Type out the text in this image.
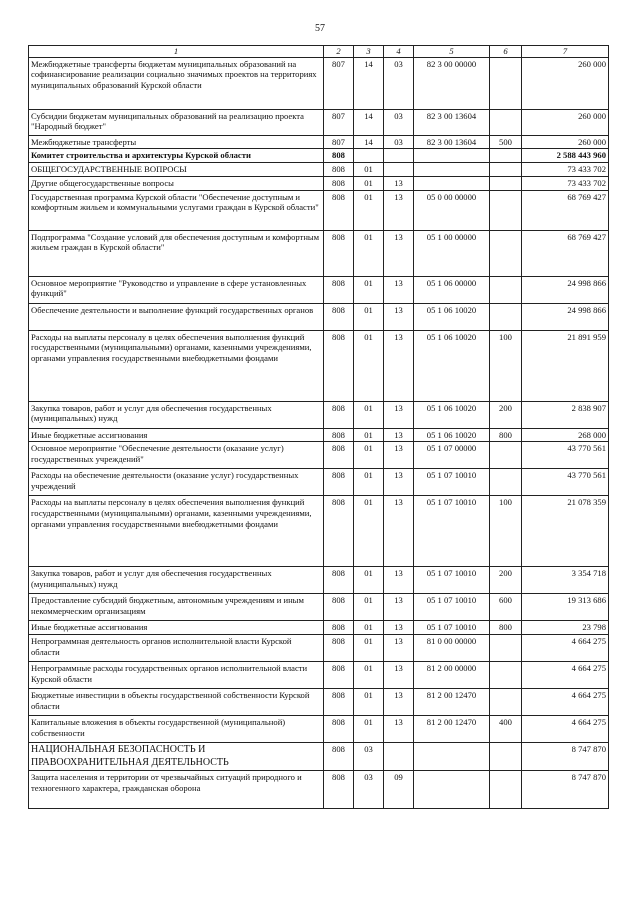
57
1	2	3	4	5	6	7
Межбюджетные трансферты бюджетам муниципальных образований на софинансирование реализации социально значимых проектов на территориях муниципальных образований Курской области	807	14	03	82 3 00 00000		260 000
Субсидии бюджетам муниципальных образований на реализацию проекта "Народный бюджет"	807	14	03	82 3 00 13604		260 000
Межбюджетные трансферты	807	14	03	82 3 00 13604	500	260 000
Комитет строительства и архитектуры Курской области	808					2 588 443 960
ОБЩЕГОСУДАРСТВЕННЫЕ ВОПРОСЫ	808	01				73 433 702
Другие общегосударственные вопросы	808	01	13			73 433 702
Государственная программа Курской области "Обеспечение доступным и комфортным жильем и коммунальными услугами граждан в Курской области"	808	01	13	05 0 00 00000		68 769 427
Подпрограмма "Создание условий для обеспечения доступным и комфортным жильем граждан в Курской области"	808	01	13	05 1 00 00000		68 769 427
Основное мероприятие "Руководство и управление в сфере установленных функций"	808	01	13	05 1 06 00000		24 998 866
Обеспечение деятельности и выполнение функций государственных органов	808	01	13	05 1 06 10020		24 998 866
Расходы на выплаты персоналу в целях обеспечения выполнения функций государственными (муниципальными) органами, казенными учреждениями, органами управления государственными внебюджетными фондами	808	01	13	05 1 06 10020	100	21 891 959
Закупка товаров, работ и услуг для обеспечения государственных (муниципальных) нужд	808	01	13	05 1 06 10020	200	2 838 907
Иные бюджетные ассигнования	808	01	13	05 1 06 10020	800	268 000
Основное мероприятие "Обеспечение деятельности (оказание услуг) государственных учреждений"	808	01	13	05 1 07 00000		43 770 561
Расходы на обеспечение деятельности (оказание услуг) государственных учреждений	808	01	13	05 1 07 10010		43 770 561
Расходы на выплаты персоналу в целях обеспечения выполнения функций государственными (муниципальными) органами, казенными учреждениями, органами управления государственными внебюджетными фондами	808	01	13	05 1 07 10010	100	21 078 359
Закупка товаров, работ и услуг для обеспечения государственных (муниципальных) нужд	808	01	13	05 1 07 10010	200	3 354 718
Предоставление субсидий бюджетным, автономным учреждениям и иным некоммерческим организациям	808	01	13	05 1 07 10010	600	19 313 686
Иные бюджетные ассигнования	808	01	13	05 1 07 10010	800	23 798
Непрограммная деятельность органов исполнительной власти Курской области	808	01	13	81 0 00 00000		4 664 275
Непрограммные расходы государственных органов исполнительной власти Курской области	808	01	13	81 2 00 00000		4 664 275
Бюджетные инвестиции в объекты государственной собственности Курской области	808	01	13	81 2 00 12470		4 664 275
Капитальные вложения в объекты государственной (муниципальной) собственности	808	01	13	81 2 00 12470	400	4 664 275
НАЦИОНАЛЬНАЯ БЕЗОПАСНОСТЬ И ПРАВООХРАНИТЕЛЬНАЯ ДЕЯТЕЛЬНОСТЬ	808	03				8 747 870
Защита населения и территории от чрезвычайных ситуаций природного и техногенного характера, гражданская оборона	808	03	09			8 747 870
